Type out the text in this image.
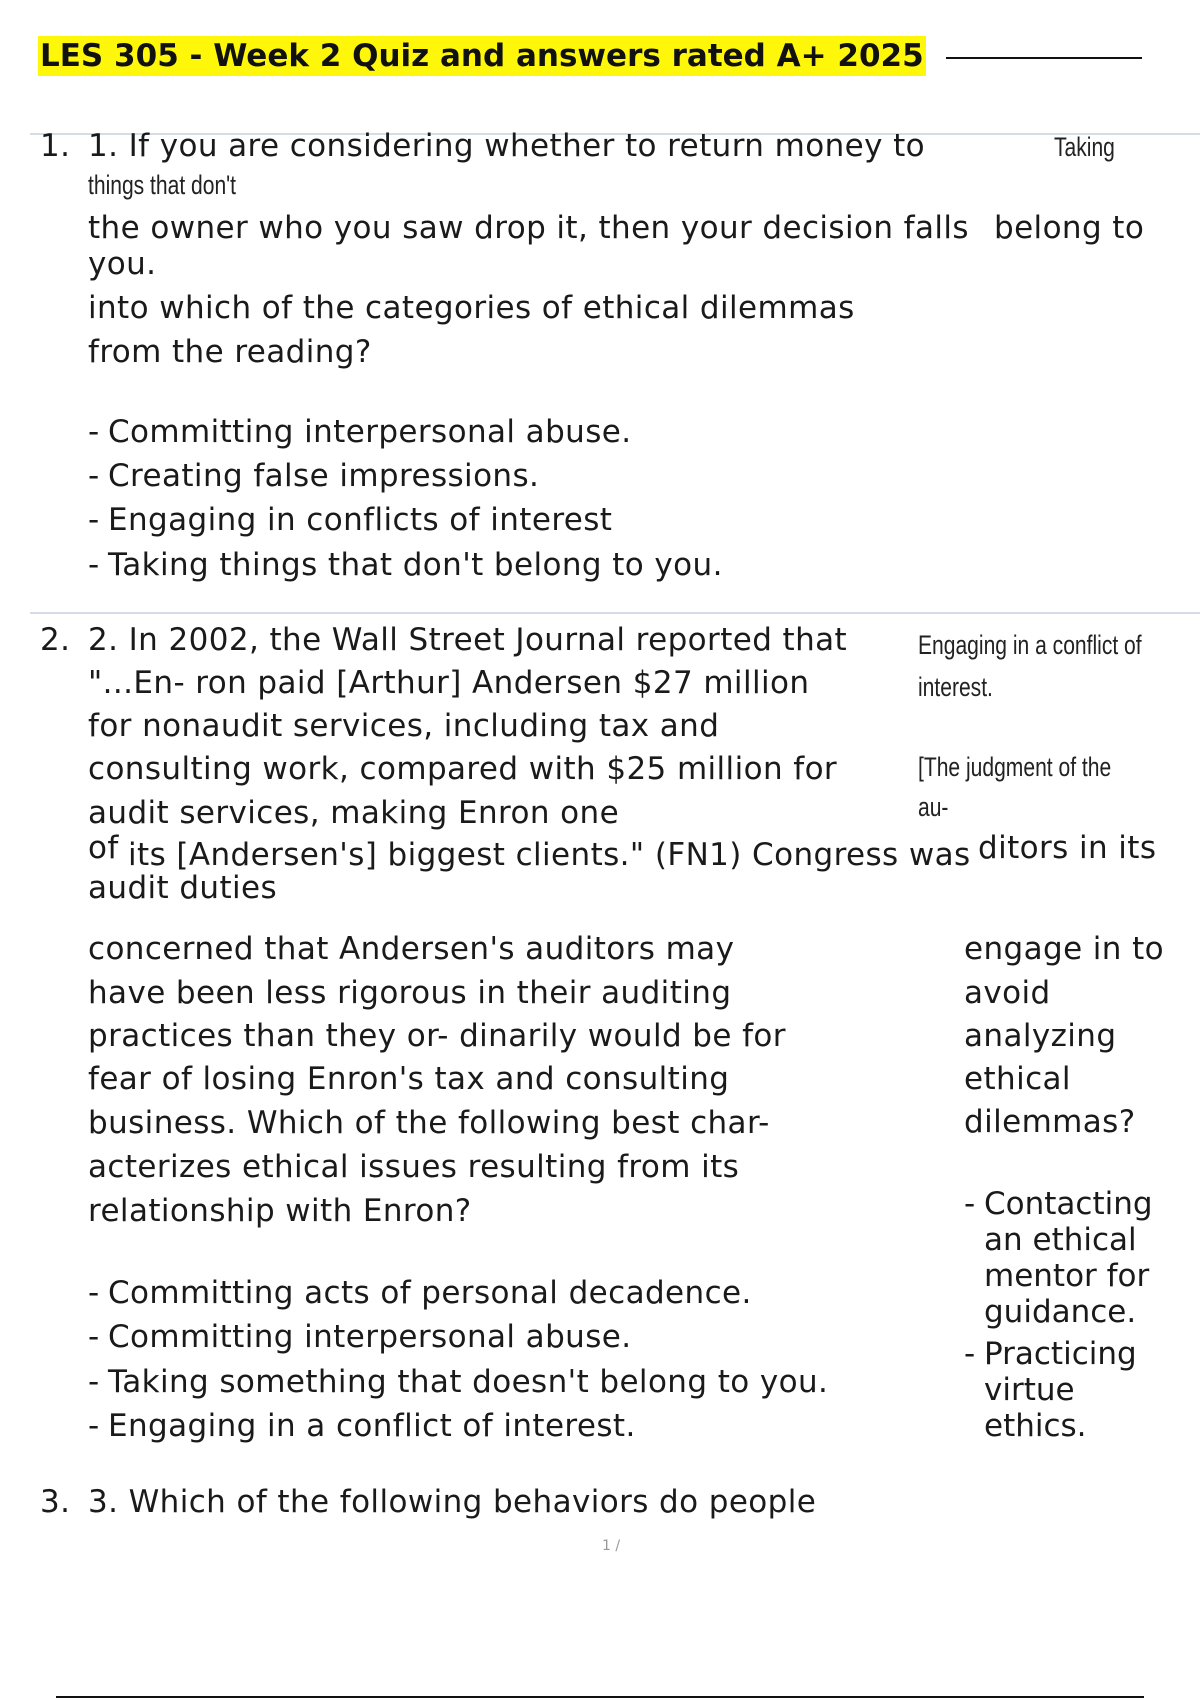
LES 305 - Week 2 Quiz and answers rated A+ 2025
1. 1. If you are considering whether to return money to	Taking
things that don't
the owner who you saw drop it, then your decision falls belong to
you.
into which of the categories of ethical dilemmas
from the reading?
- Committing interpersonal abuse.
- Creating false impressions.
- Engaging in conflicts of interest
- Taking things that don't belong to you.
2. 2. In 2002, the Wall Street Journal reported that
"...En- ron paid [Arthur] Andersen $27 million
for nonaudit services, including tax and
consulting work, compared with $25 million for
audit services, making Enron one
of its [Andersen's] biggest clients." (FN1) Congress was
audit duties
Engaging in a conflict of
interest.
[The judgment of the
au-
ditors in its
concerned that Andersen's auditors may
have been less rigorous in their auditing
practices than they or- dinarily would be for
fear of losing Enron's tax and consulting
business. Which of the following best char-
acterizes ethical issues resulting from its
relationship with Enron?
- Committing acts of personal decadence.
- Committing interpersonal abuse.
- Taking something that doesn't belong to you.
- Engaging in a conflict of interest.
engage in to
avoid
analyzing
ethical
dilemmas?
- Contacting an ethical mentor for guidance.
- Practicing virtue ethics.
3. 3. Which of the following behaviors do people
1 /
